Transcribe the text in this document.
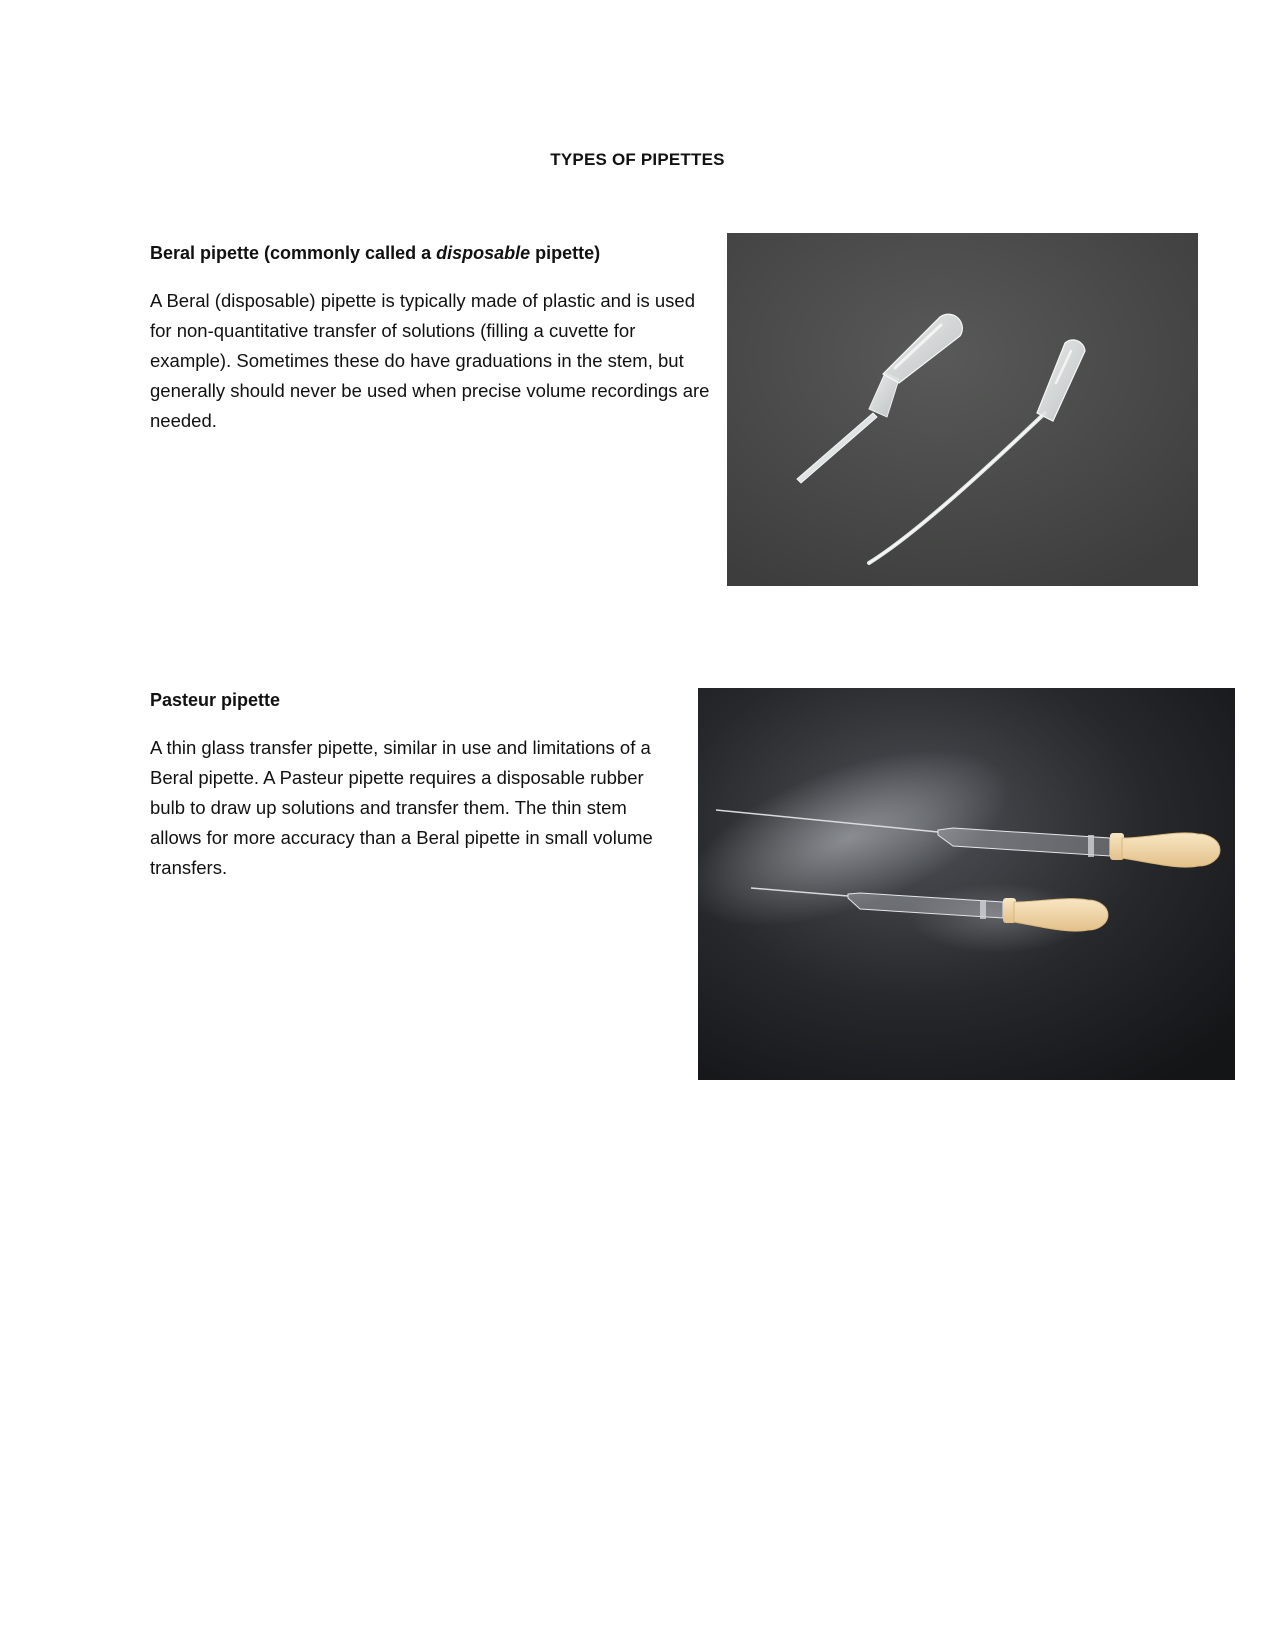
TYPES OF PIPETTES
Beral pipette (commonly called a disposable pipette)
A Beral (disposable) pipette is typically made of plastic and is used for non-quantitative transfer of solutions (filling a cuvette for example). Sometimes these do have graduations in the stem, but generally should never be used when precise volume recordings are needed.
Pasteur pipette
A thin glass transfer pipette, similar in use and limitations of a Beral pipette. A Pasteur pipette requires a disposable rubber bulb to draw up solutions and transfer them. The thin stem allows for more accuracy than a Beral pipette in small volume transfers.
